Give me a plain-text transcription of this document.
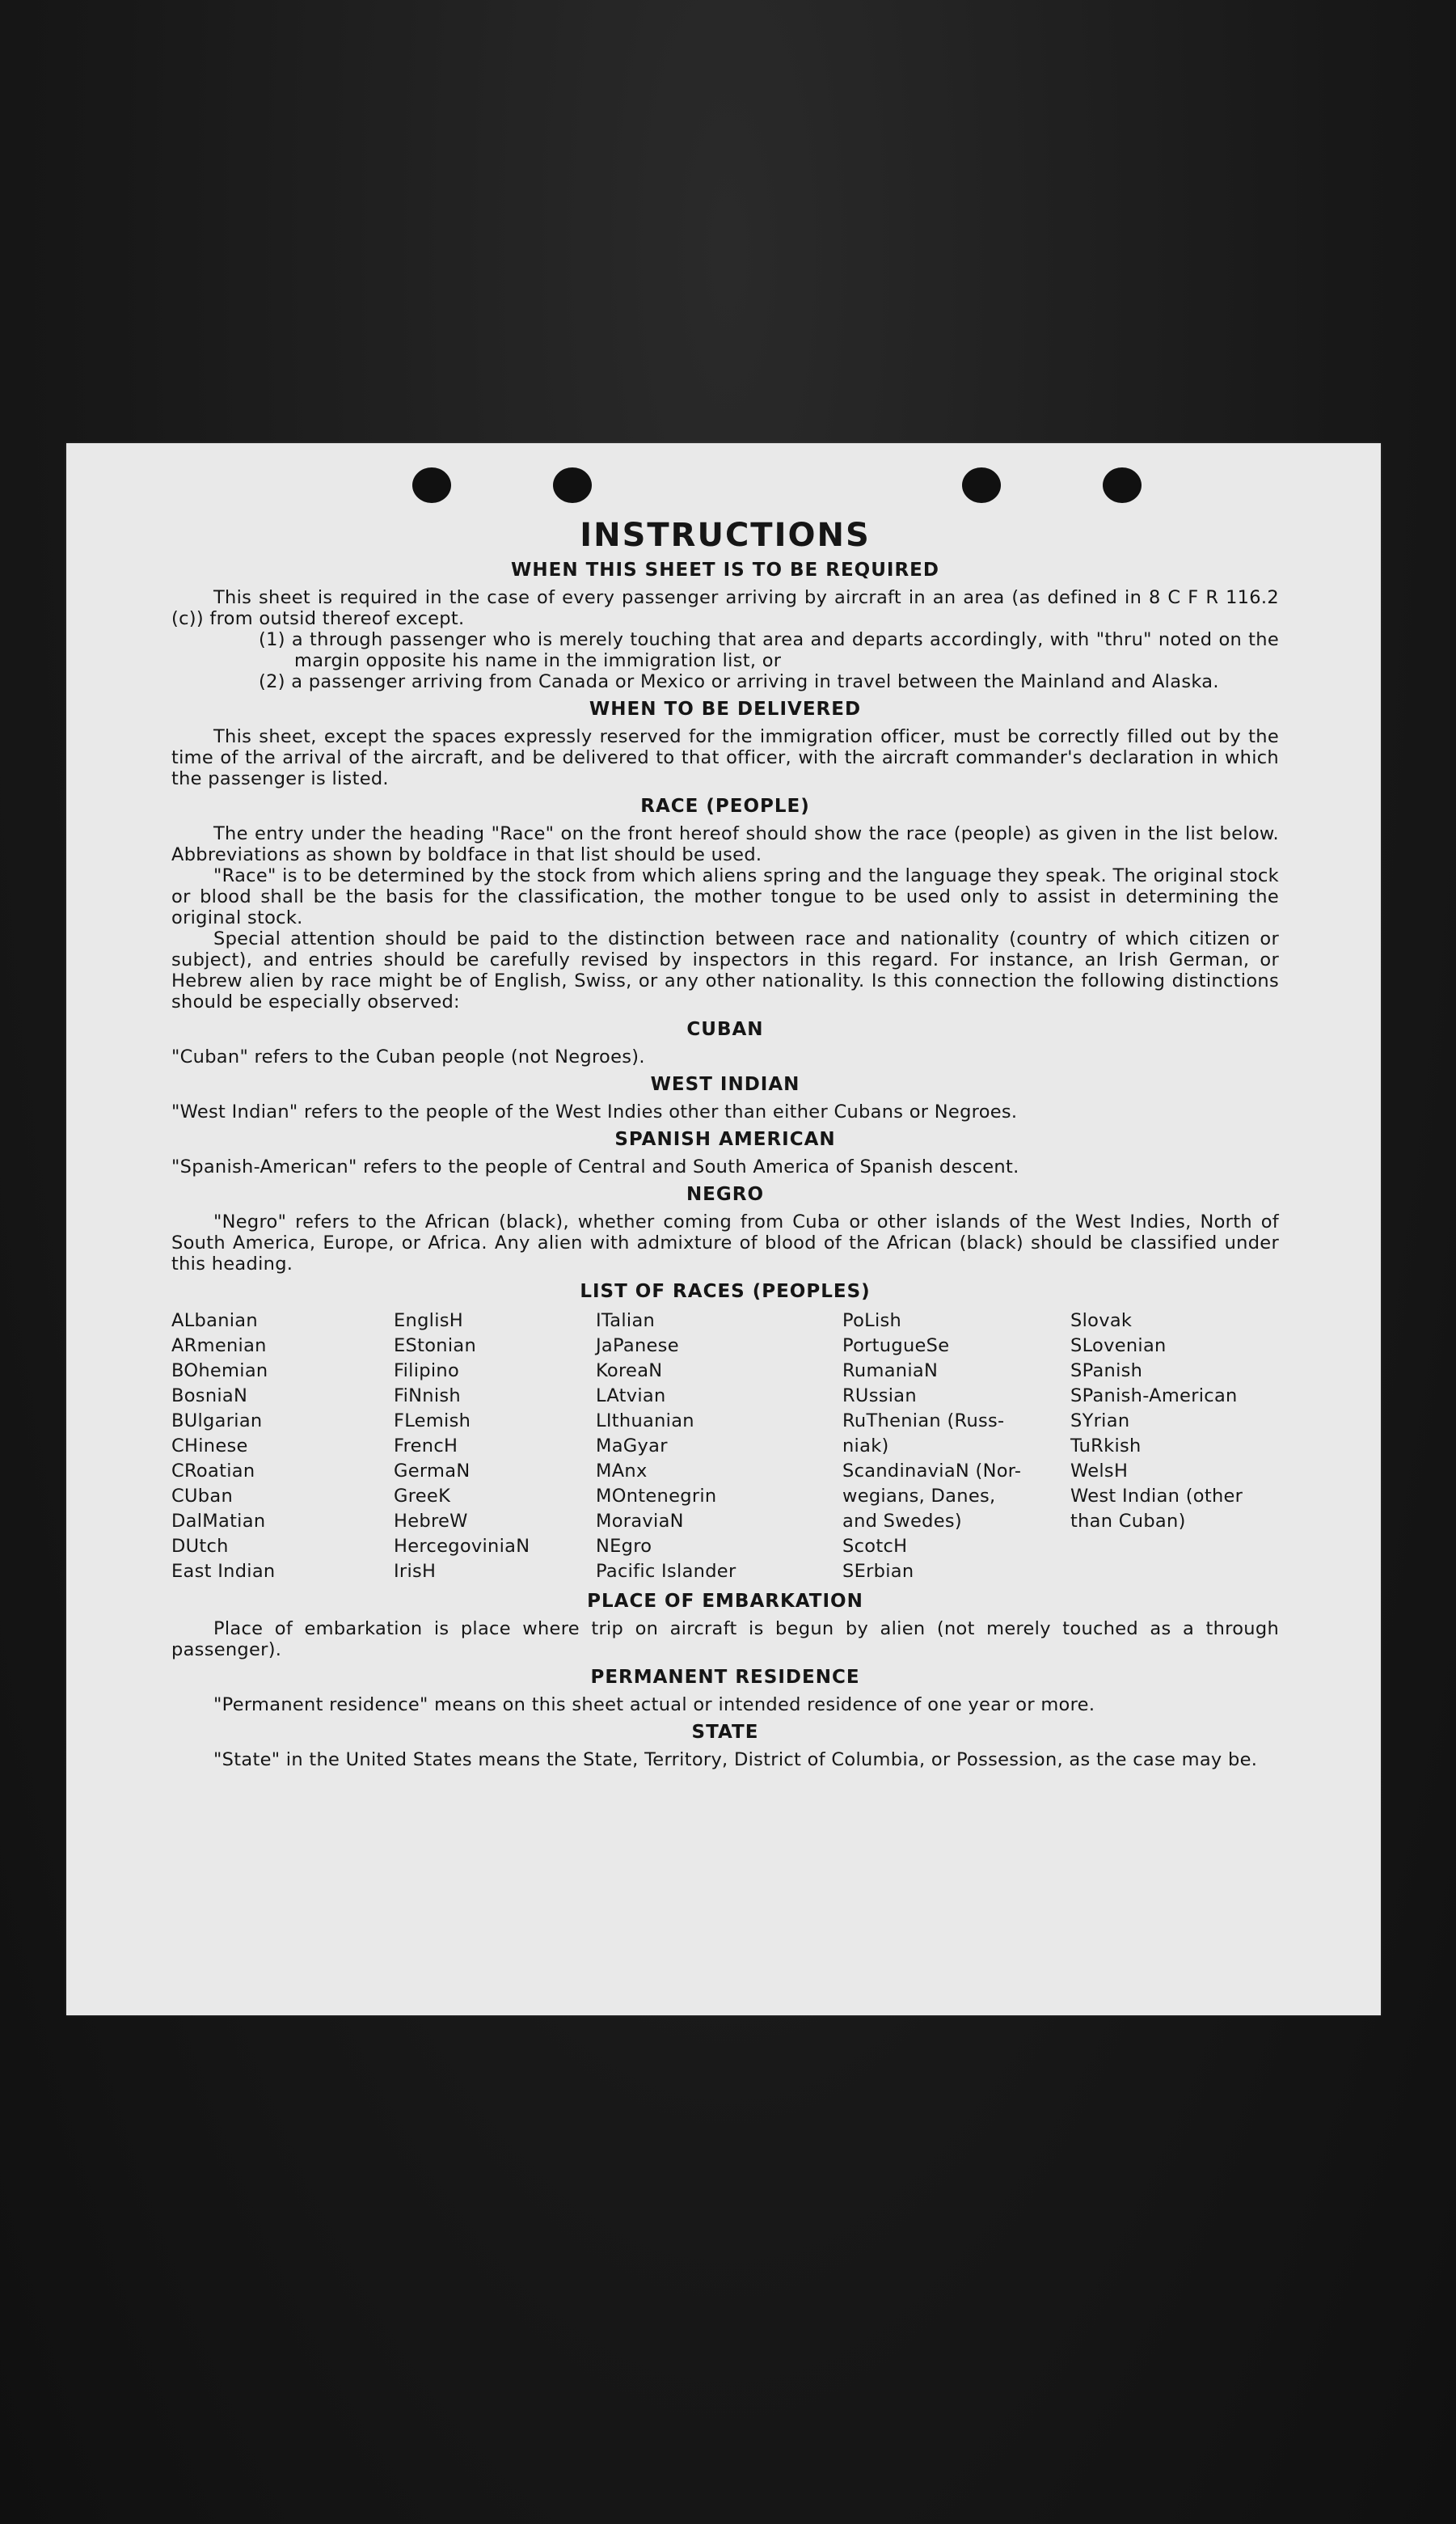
INSTRUCTIONS
WHEN THIS SHEET IS TO BE REQUIRED

This sheet is required in the case of every passenger arriving by aircraft in an area (as defined in 8 C F R 116.2 (c)) from outsid thereof except.

(1) a through passenger who is merely touching that area and departs accordingly, with "thru" noted on the margin opposite his name in the immigration list, or

(2) a passenger arriving from Canada or Mexico or arriving in travel between the Mainland and Alaska.

WHEN TO BE DELIVERED

This sheet, except the spaces expressly reserved for the immigration officer, must be correctly filled out by the time of the arrival of the aircraft, and be delivered to that officer, with the aircraft commander's declaration in which the passenger is listed.

RACE (PEOPLE)

The entry under the heading "Race" on the front hereof should show the race (people) as given in the list below. Abbreviations as shown by boldface in that list should be used.

"Race" is to be determined by the stock from which aliens spring and the language they speak. The original stock or blood shall be the basis for the classification, the mother tongue to be used only to assist in determining the original stock.

Special attention should be paid to the distinction between race and nationality (country of which citizen or subject), and entries should be carefully revised by inspectors in this regard. For instance, an Irish German, or Hebrew alien by race might be of English, Swiss, or any other nationality. Is this connection the following distinctions should be especially observed:

CUBAN

"Cuban" refers to the Cuban people (not Negroes).

WEST INDIAN

"West Indian" refers to the people of the West Indies other than either Cubans or Negroes.

SPANISH AMERICAN

"Spanish-American" refers to the people of Central and South America of Spanish descent.

NEGRO

"Negro" refers to the African (black), whether coming from Cuba or other islands of the West Indies, North of South America, Europe, or Africa. Any alien with admixture of blood of the African (black) should be classified under this heading.

LIST OF RACES (PEOPLES)
ALbanian
ARmenian
BOhemian
BosniaN
BUlgarian
CHinese
CRoatian
CUban
DalMatian
DUtch
East Indian
EnglisH
EStonian
Filipino
FiNnish
FLemish
FrencH
GermaN
GreeK
HebreW
HercegoviniaN
IrisH
ITalian
JaPanese
KoreaN
LAtvian
LIthuanian
MaGyar
MAnx
MOntenegrin
MoraviaN
NEgro
Pacific Islander
PoLish
PortugueSe
RumaniaN
RUssian
RuThenian (Russ-
niak)
ScandinaviaN (Nor-
wegians, Danes,
and Swedes)
ScotcH
SErbian
Slovak
SLovenian
SPanish
SPanish-American
SYrian
TuRkish
WelsH
West Indian (other
than Cuban)
PLACE OF EMBARKATION

Place of embarkation is place where trip on aircraft is begun by alien (not merely touched as a through passenger).

PERMANENT RESIDENCE

"Permanent residence" means on this sheet actual or intended residence of one year or more.

STATE

"State" in the United States means the State, Territory, District of Columbia, or Possession, as the case may be.
